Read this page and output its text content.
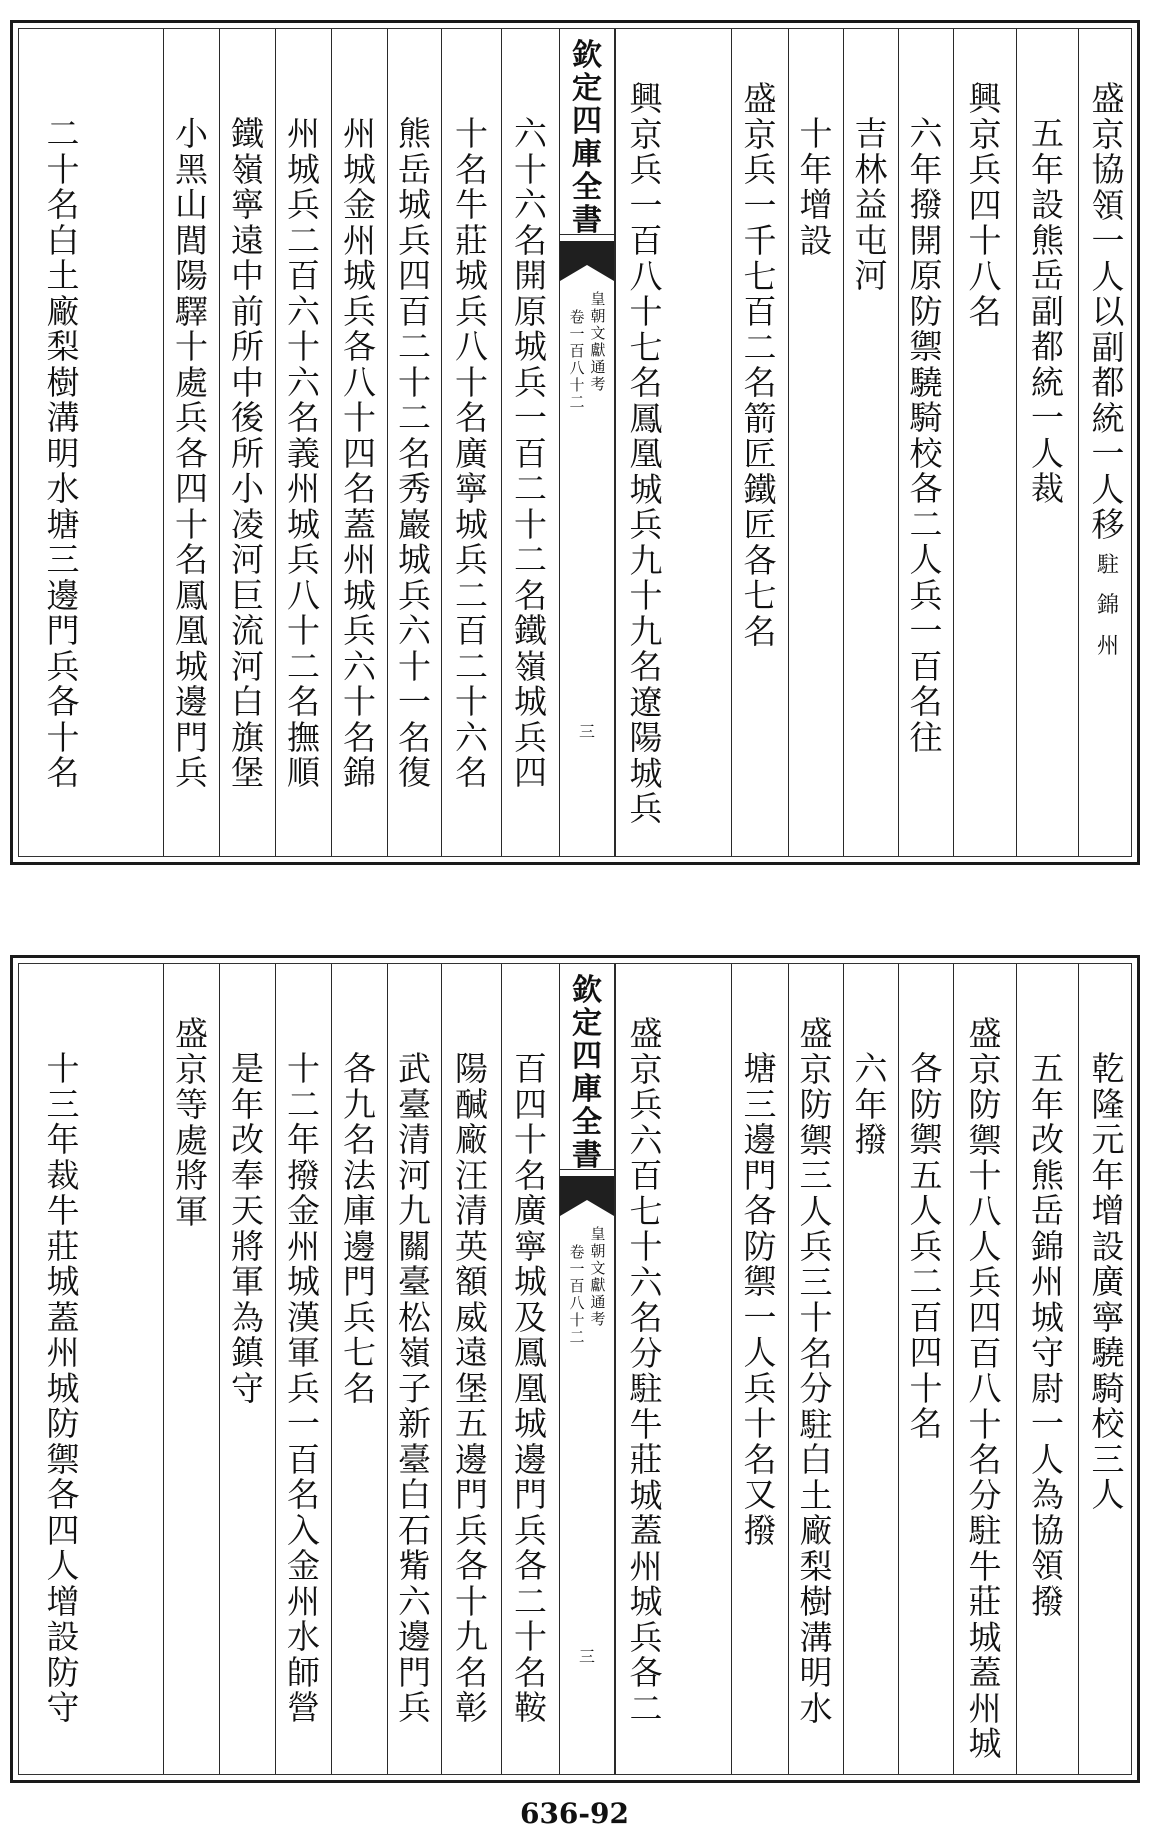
盛京協領一人以副都統一人移駐錦州
五年設熊岳副都統一人裁
興京兵四十八名
六年撥開原防禦驍騎校各二人兵一百名往
吉林益屯河
十年增設
盛京兵一千七百二名箭匠鐵匠各七名
興京兵一百八十七名鳳凰城兵九十九名遼陽城兵
六十六名開原城兵一百二十二名鐵嶺城兵四
十名牛莊城兵八十名廣寧城兵二百二十六名
熊岳城兵四百二十二名秀巖城兵六十一名復
州城金州城兵各八十四名蓋州城兵六十名錦
州城兵二百六十六名義州城兵八十二名撫順
鐵嶺寧遠中前所中後所小凌河巨流河白旗堡
小黑山閭陽驛十處兵各四十名鳳凰城邊門兵
二十名白土廠梨樹溝明水塘三邊門兵各十名
欽定四庫全書
皇朝文獻通考
卷一百八十二
三
乾隆元年增設廣寧驍騎校三人
五年改熊岳錦州城守尉一人為協領撥
盛京防禦十八人兵四百八十名分駐牛莊城蓋州城
各防禦五人兵二百四十名
六年撥
盛京防禦三人兵三十名分駐白土廠梨樹溝明水
塘三邊門各防禦一人兵十名又撥
盛京兵六百七十六名分駐牛莊城蓋州城兵各二
百四十名廣寧城及鳳凰城邊門兵各二十名鞍
陽醎廠汪清英額威遠堡五邊門兵各十九名彰
武臺清河九關臺松嶺子新臺白石觜六邊門兵
各九名法庫邊門兵七名
十二年撥金州城漢軍兵一百名入金州水師營
是年改奉天將軍為鎮守
盛京等處將軍
十三年裁牛莊城蓋州城防禦各四人增設防守
欽定四庫全書
皇朝文獻通考
卷一百八十二
三
636-92
